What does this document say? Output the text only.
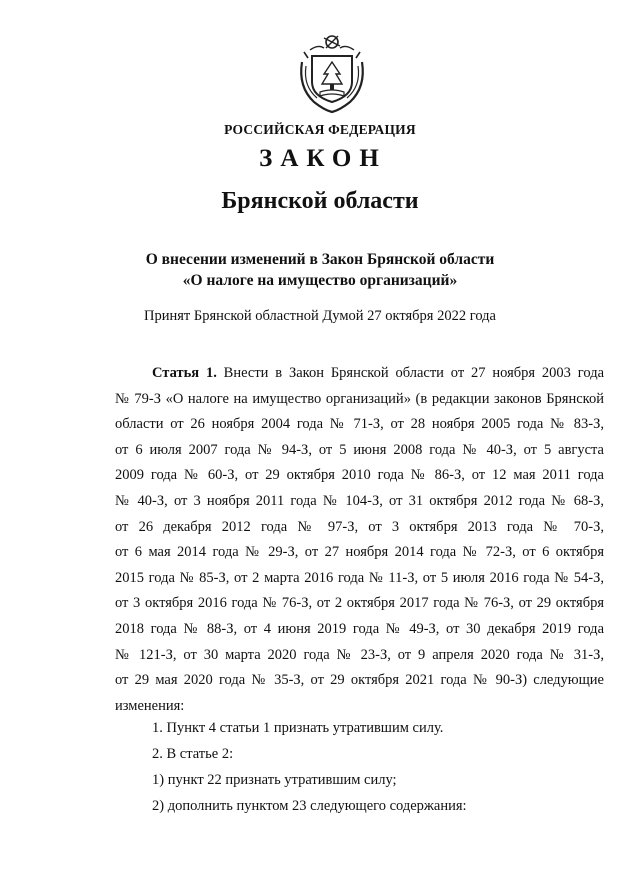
РОССИЙСКАЯ ФЕДЕРАЦИЯ
ЗАКОН
Брянской области
О внесении изменений в Закон Брянской области
«О налоге на имущество организаций»
Принят Брянской областной Думой 27 октября 2022 года
Статья 1. Внести в Закон Брянской области от 27 ноября 2003 года
№ 79-З «О налоге на имущество организаций» (в редакции законов Брянской
области от 26 ноября 2004 года № 71-З, от 28 ноября 2005 года № 83-З,
от 6 июля 2007 года № 94-З, от 5 июня 2008 года № 40-З, от 5 августа
2009 года № 60-З, от 29 октября 2010 года № 86-З, от 12 мая 2011 года
№ 40-З, от 3 ноября 2011 года № 104-З, от 31 октября 2012 года № 68-З,
от 26 декабря 2012 года № 97-З, от 3 октября 2013 года № 70-З,
от 6 мая 2014 года № 29-З, от 27 ноября 2014 года № 72-З, от 6 октября
2015 года № 85-З, от 2 марта 2016 года № 11-З, от 5 июля 2016 года № 54-З,
от 3 октября 2016 года № 76-З, от 2 октября 2017 года № 76-З, от 29 октября
2018 года № 88-З, от 4 июня 2019 года № 49-З, от 30 декабря 2019 года
№ 121-З, от 30 марта 2020 года № 23-З, от 9 апреля 2020 года № 31-З,
от 29 мая 2020 года № 35-З, от 29 октября 2021 года № 90-З) следующие
изменения:
1. Пункт 4 статьи 1 признать утратившим силу.
2. В статье 2:
1) пункт 22 признать утратившим силу;
2) дополнить пунктом 23 следующего содержания:
